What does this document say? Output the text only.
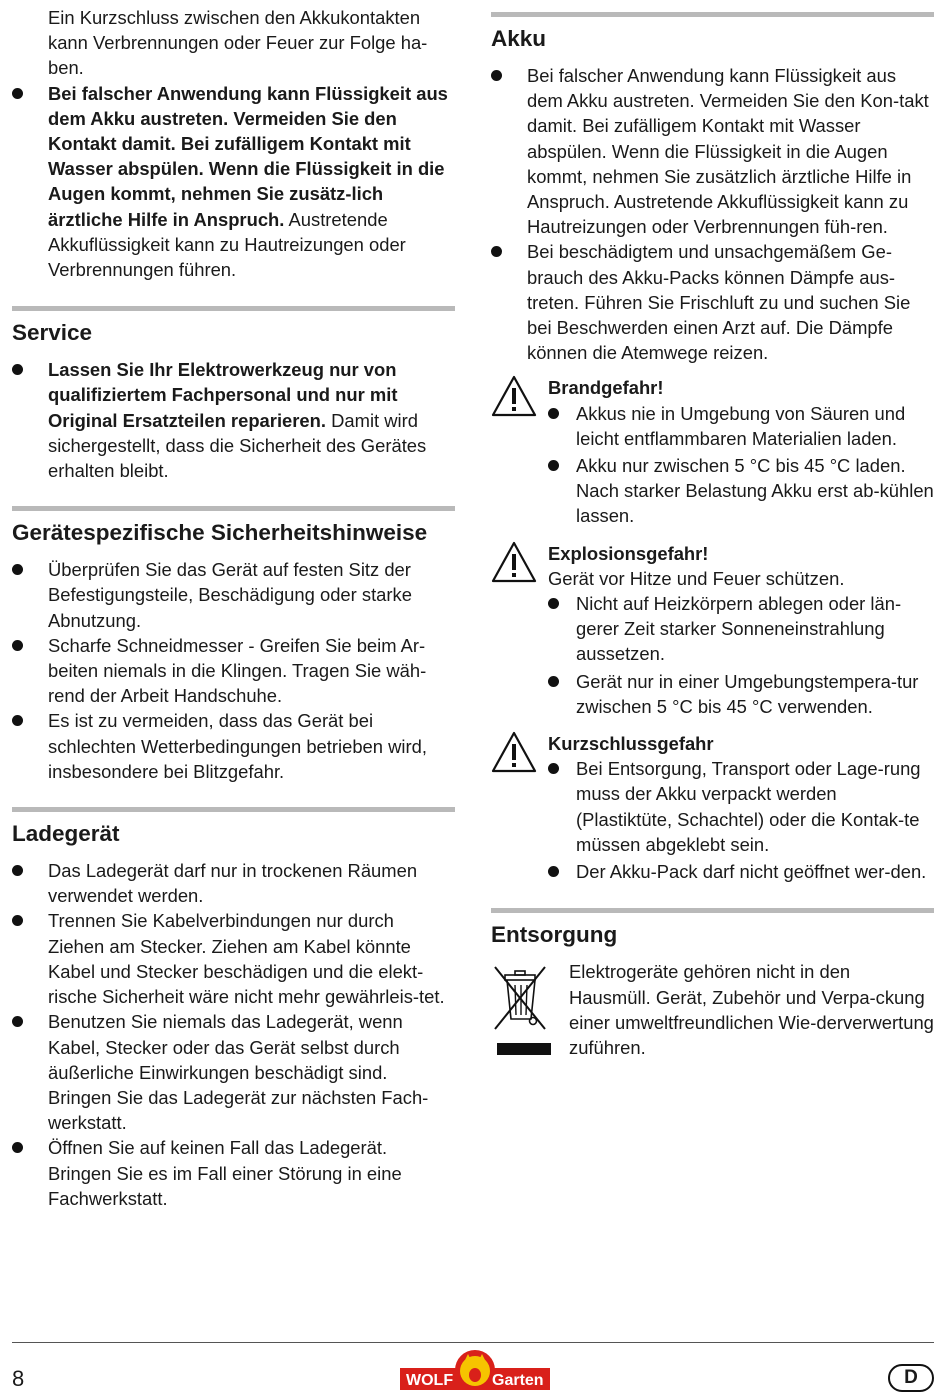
Ein Kurzschluss zwischen den Akkukontakten kann Verbrennungen oder Feuer zur Folge ha-ben.
Bei falscher Anwendung kann Flüssigkeit aus dem Akku austreten. Vermeiden Sie den Kontakt damit. Bei zufälligem Kontakt mit Wasser abspülen. Wenn die Flüssigkeit in die Augen kommt, nehmen Sie zusätz-lich ärztliche Hilfe in Anspruch. Austretende Akkuflüssigkeit kann zu Hautreizungen oder Verbrennungen führen.
Service
Lassen Sie Ihr Elektrowerkzeug nur von qualifiziertem Fachpersonal und nur mit Original Ersatzteilen reparieren. Damit wird sichergestellt, dass die Sicherheit des Gerätes erhalten bleibt.
Gerätespezifische Sicherheitshinweise
Überprüfen Sie das Gerät auf festen Sitz der Befestigungsteile, Beschädigung oder starke Abnutzung.
Scharfe Schneidmesser - Greifen Sie beim Ar-beiten niemals in die Klingen. Tragen Sie wäh-rend der Arbeit Handschuhe.
Es ist zu vermeiden, dass das Gerät bei schlechten Wetterbedingungen betrieben wird, insbesondere bei Blitzgefahr.
Ladegerät
Das Ladegerät darf nur in trockenen Räumen verwendet werden.
Trennen Sie Kabelverbindungen nur durch Ziehen am Stecker. Ziehen am Kabel könnte Kabel und Stecker beschädigen und die elekt-rische Sicherheit wäre nicht mehr gewährleis-tet.
Benutzen Sie niemals das Ladegerät, wenn Kabel, Stecker oder das Gerät selbst durch äußerliche Einwirkungen beschädigt sind. Bringen Sie das Ladegerät zur nächsten Fach-werkstatt.
Öffnen Sie auf keinen Fall das Ladegerät. Bringen Sie es im Fall einer Störung in eine Fachwerkstatt.
Akku
Bei falscher Anwendung kann Flüssigkeit aus dem Akku austreten. Vermeiden Sie den Kon-takt damit. Bei zufälligem Kontakt mit Wasser abspülen. Wenn die Flüssigkeit in die Augen kommt, nehmen Sie zusätzlich ärztliche Hilfe in Anspruch. Austretende Akkuflüssigkeit kann zu Hautreizungen oder Verbrennungen füh-ren.
Bei beschädigtem und unsachgemäßem Ge-brauch des Akku-Packs können Dämpfe aus-treten. Führen Sie Frischluft zu und suchen Sie bei Beschwerden einen Arzt auf. Die Dämpfe können die Atemwege reizen.
Brandgefahr!
Akkus nie in Umgebung von Säuren und leicht entflammbaren Materialien laden.
Akku nur zwischen 5 °C bis 45 °C laden. Nach starker Belastung Akku erst ab-kühlen lassen.
Explosionsgefahr!
Gerät vor Hitze und Feuer schützen.
Nicht auf Heizkörpern ablegen oder län-gerer Zeit starker Sonneneinstrahlung aussetzen.
Gerät nur in einer Umgebungstempera-tur zwischen 5 °C bis 45 °C verwenden.
Kurzschlussgefahr
Bei Entsorgung, Transport oder Lage-rung muss der Akku verpackt werden (Plastiktüte, Schachtel) oder die Kontak-te müssen abgeklebt sein.
Der Akku-Pack darf nicht geöffnet wer-den.
Entsorgung
Elektrogeräte gehören nicht in den Hausmüll. Gerät, Zubehör und Verpa-ckung einer umweltfreundlichen Wie-derverwertung zuführen.
8	WOLF Garten	D
